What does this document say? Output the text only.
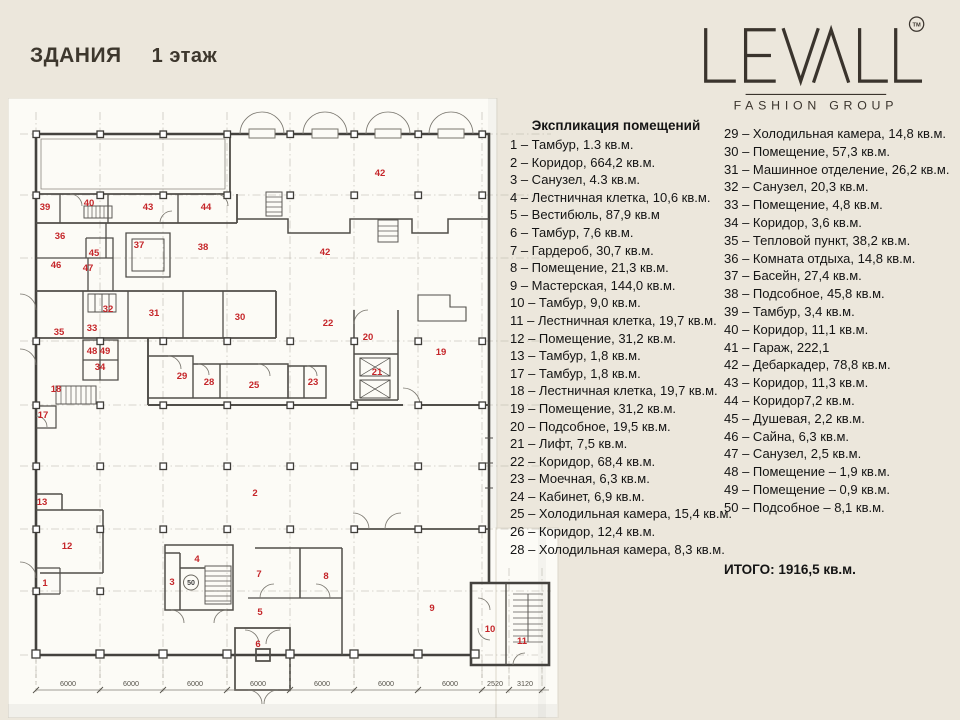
ЗДАНИЯ 1 этаж
TM
FASHION GROUP
6000	6000	6000	6000	6000	6000	6000	2520 3120
39	40	43	44
36
37	38
45
46 47
42
42
32	31	30
35 33
48 49
34
18
17
22
20
21
19
29
28	25	23
13
12
1
2
3
4
50
7	8
5
6
9
10
11
Экспликация помещений
1 – Тамбур, 1.3 кв.м.
2 – Коридор, 664,2 кв.м.
3 – Санузел, 4.3 кв.м.
4 – Лестничная клетка, 10,6 кв.м.
5 – Вестибюль, 87,9 кв.м
6 – Тамбур, 7,6 кв.м.
7 – Гардероб, 30,7 кв.м.
8 – Помещение, 21,3 кв.м.
9 – Мастерская, 144,0 кв.м.
10 – Тамбур, 9,0 кв.м.
11 – Лестничная клетка, 19,7 кв.м.
12 – Помещение, 31,2 кв.м.
13 – Тамбур, 1,8 кв.м.
17 – Тамбур, 1,8 кв.м.
18 – Лестничная клетка, 19,7 кв.м.
19 – Помещение, 31,2 кв.м.
20 – Подсобное, 19,5 кв.м.
21 – Лифт, 7,5 кв.м.
22 – Коридор, 68,4 кв.м.
23 – Моечная, 6,3 кв.м.
24 – Кабинет, 6,9 кв.м.
25 – Холодильная камера, 15,4 кв.м.
26 – Коридор, 12,4 кв.м.
28 – Холодильная камера, 8,3 кв.м.
29 – Холодильная камера, 14,8 кв.м.
30 – Помещение, 57,3 кв.м.
31 – Машинное отделение, 26,2 кв.м.
32 – Санузел, 20,3 кв.м.
33 – Помещение, 4,8 кв.м.
34 – Коридор, 3,6 кв.м.
35 – Тепловой пункт, 38,2 кв.м.
36 – Комната отдыха, 14,8 кв.м.
37 – Басейн, 27,4 кв.м.
38 – Подсобное, 45,8 кв.м.
39 – Тамбур, 3,4 кв.м.
40 – Коридор, 11,1 кв.м.
41 – Гараж, 222,1
42 – Дебаркадер, 78,8 кв.м.
43 – Коридор, 11,3 кв.м.
44 – Коридор7,2 кв.м.
45 – Душевая, 2,2 кв.м.
46 – Сайна, 6,3 кв.м.
47 – Санузел, 2,5 кв.м.
48 – Помещение – 1,9 кв.м.
49 – Помещение – 0,9 кв.м.
50 – Подсобное – 8,1 кв.м.
ИТОГО: 1916,5 кв.м.
